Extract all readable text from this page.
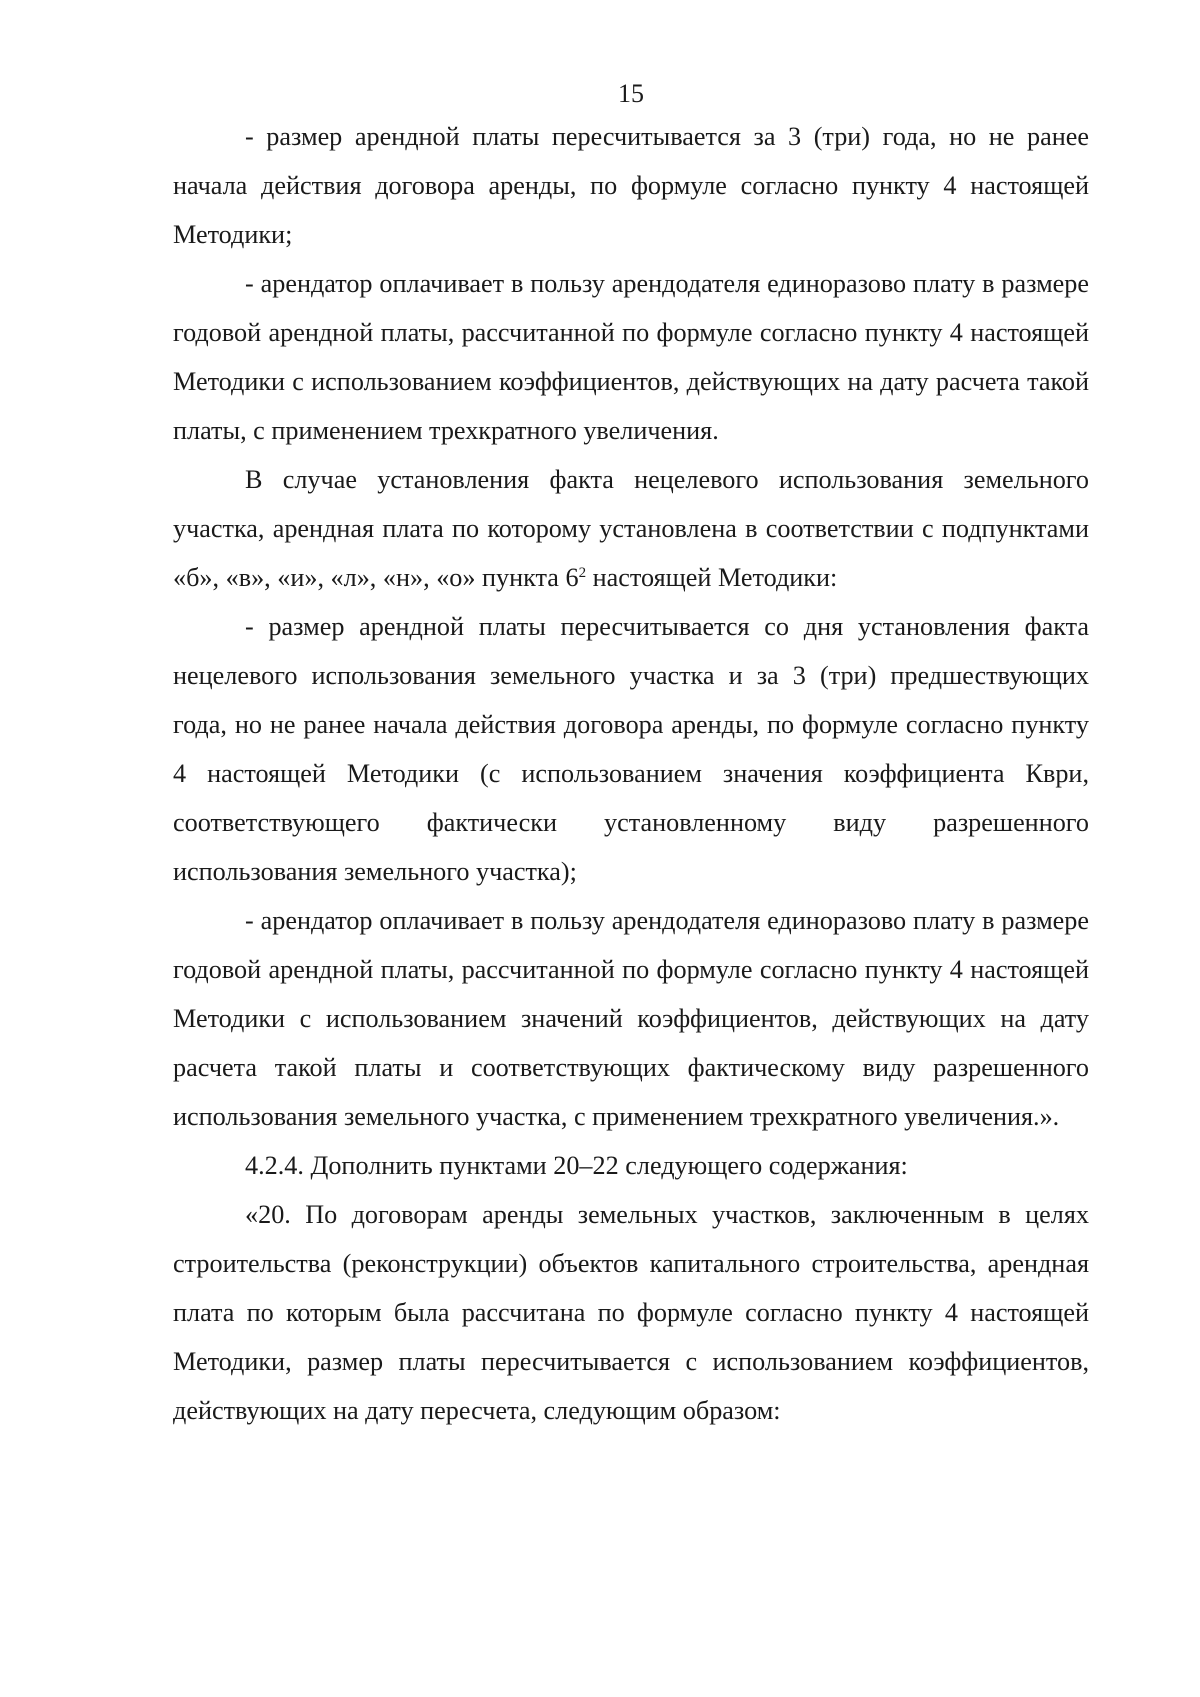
15

- размер арендной платы пересчитывается за 3 (три) года, но не ранее начала действия договора аренды, по формуле согласно пункту 4 настоящей Методики;

- арендатор оплачивает в пользу арендодателя единоразово плату в размере годовой арендной платы, рассчитанной по формуле согласно пункту 4 настоящей Методики с использованием коэффициентов, действующих на дату расчета такой платы, с применением трехкратного увеличения.

В случае установления факта нецелевого использования земельного участка, арендная плата по которому установлена в соответствии с подпунктами «б», «в», «и», «л», «н», «о» пункта $6^2$ настоящей Методики:

- размер арендной платы пересчитывается со дня установления факта нецелевого использования земельного участка и за 3 (три) предшествующих года, но не ранее начала действия договора аренды, по формуле согласно пункту 4 настоящей Методики (с использованием значения коэффициента Кври, соответствующего фактически установленному виду разрешенного использования земельного участка);

- арендатор оплачивает в пользу арендодателя единоразово плату в размере годовой арендной платы, рассчитанной по формуле согласно пункту 4 настоящей Методики с использованием значений коэффициентов, действующих на дату расчета такой платы и соответствующих фактическому виду разрешенного использования земельного участка, с применением трехкратного увеличения.».

4.2.4. Дополнить пунктами 20–22 следующего содержания:

«20. По договорам аренды земельных участков, заключенным в целях строительства (реконструкции) объектов капитального строительства, арендная плата по которым была рассчитана по формуле согласно пункту 4 настоящей Методики, размер платы пересчитывается с использованием коэффициентов, действующих на дату пересчета, следующим образом:
